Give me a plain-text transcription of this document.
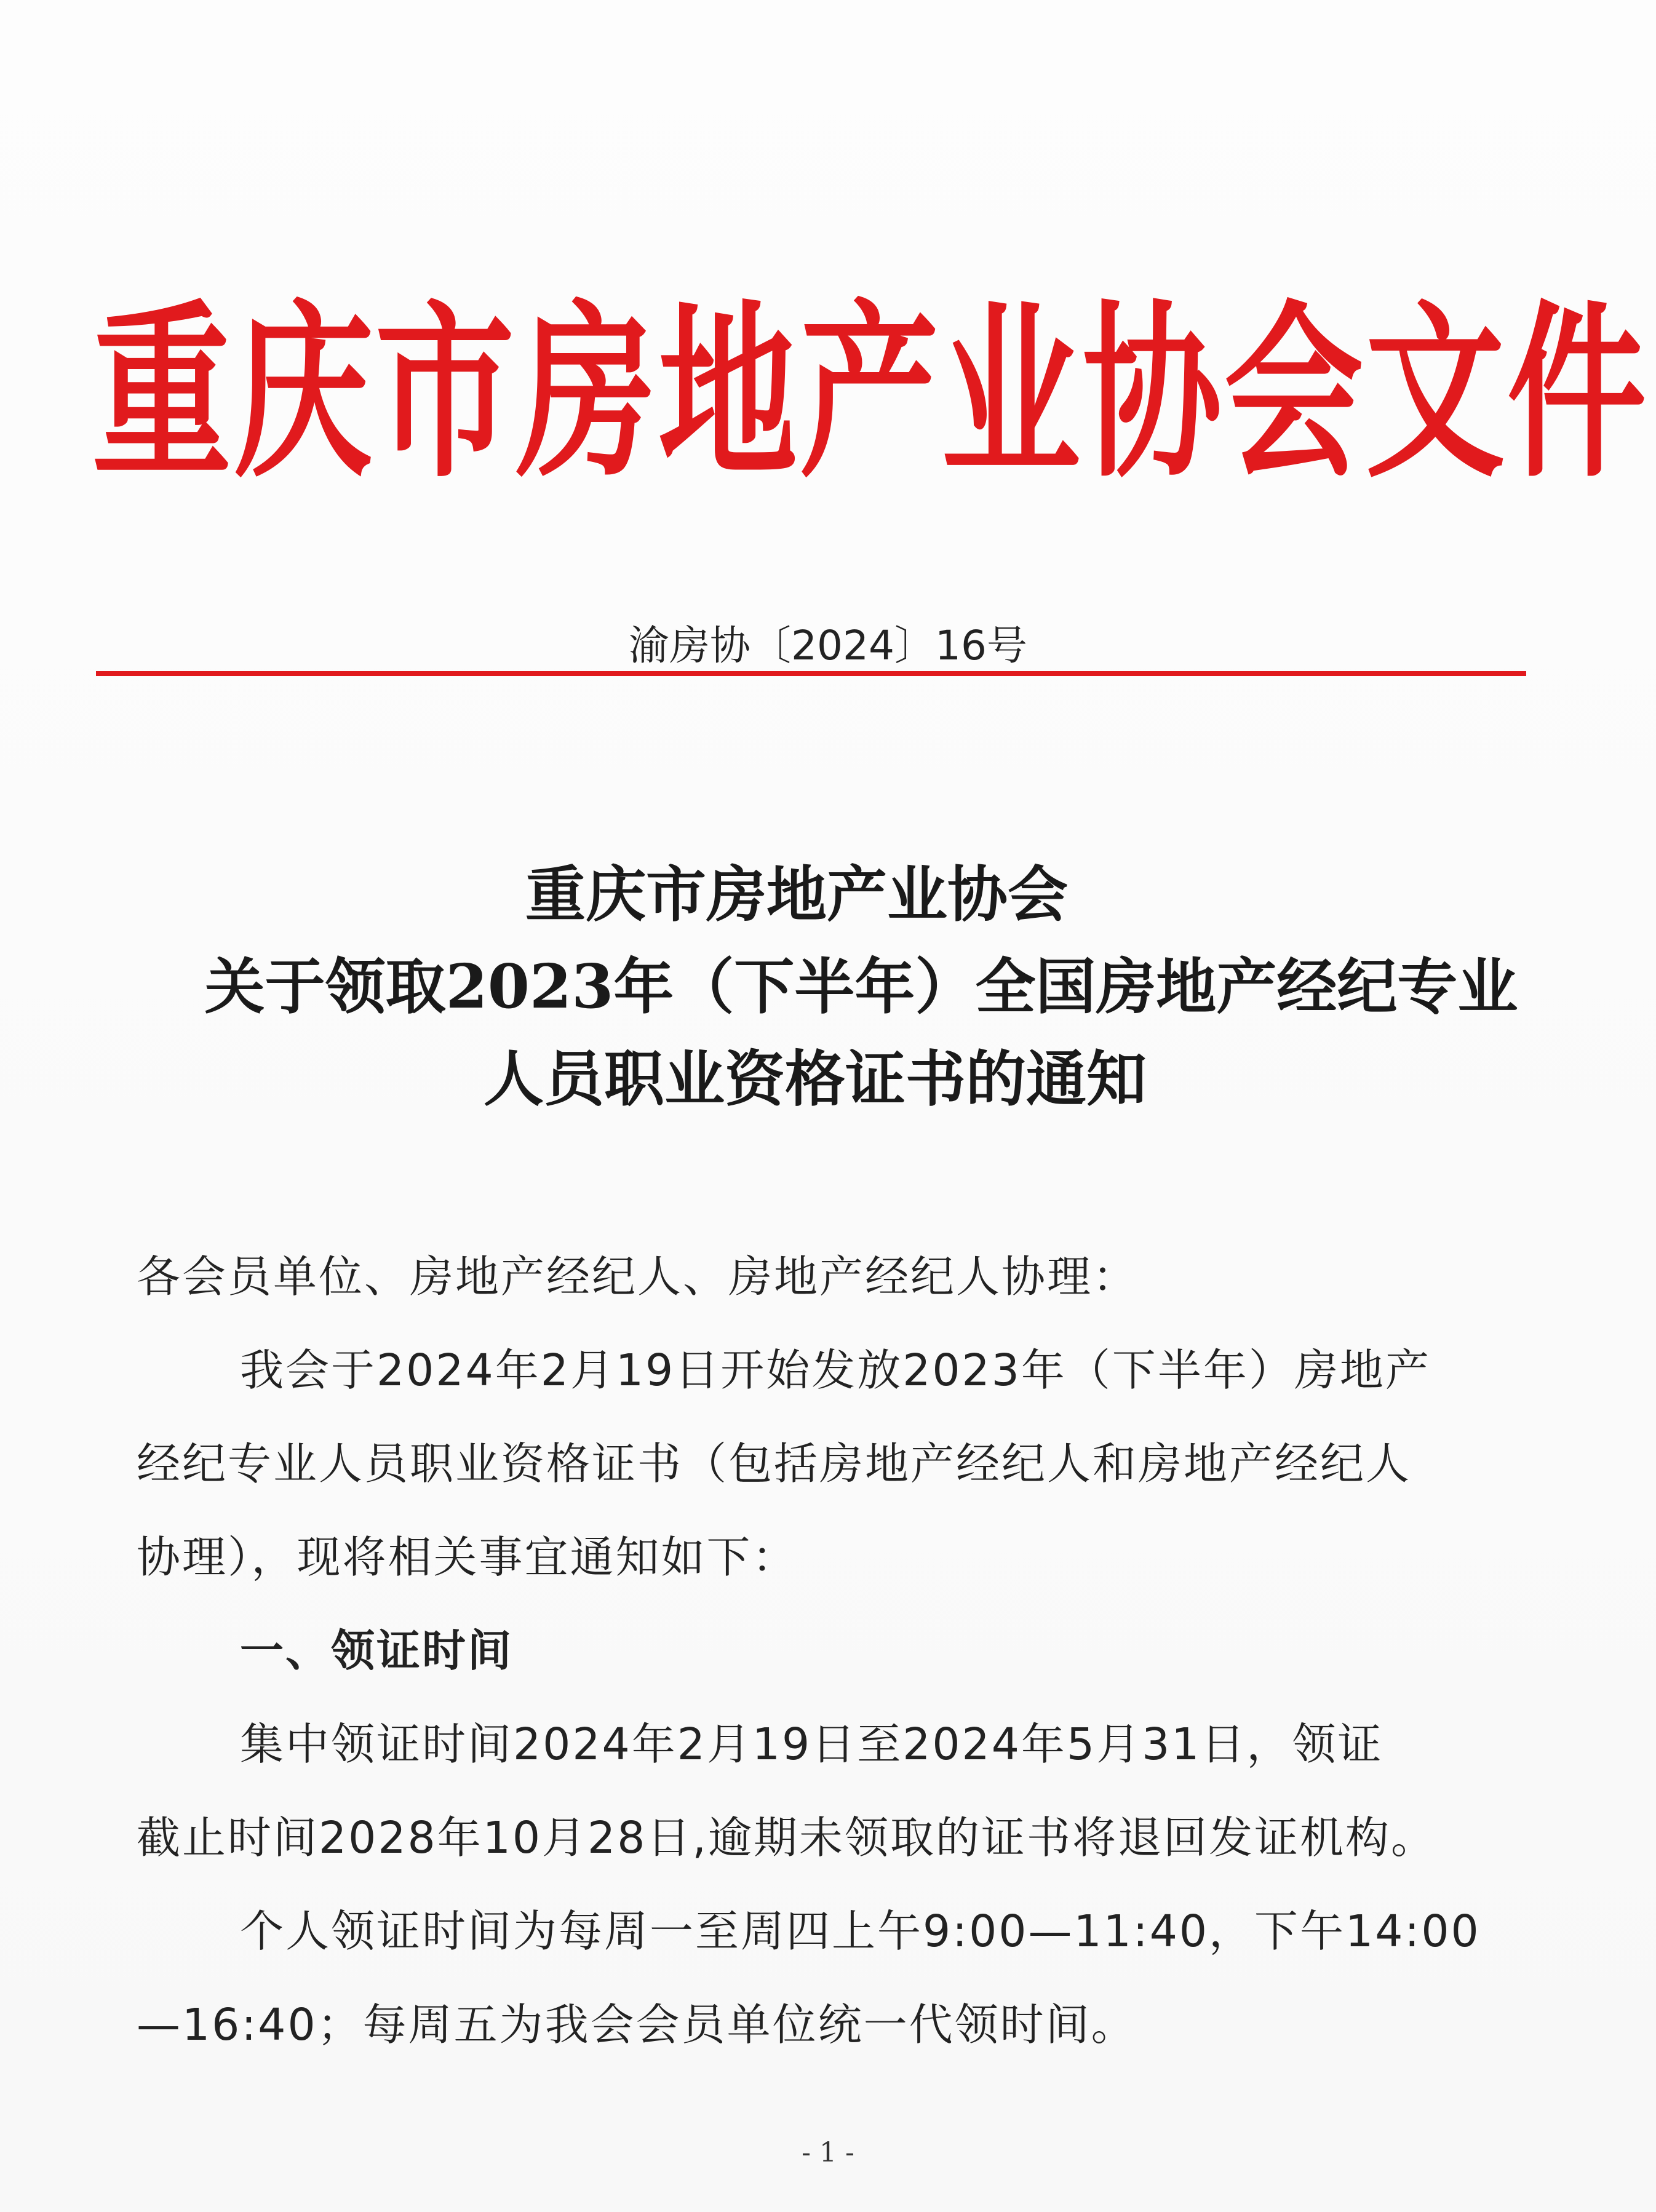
重庆市房地产业协会文件
渝房协〔2024〕16号
重庆市房地产业协会
关于领取2023年（下半年）全国房地产经纪专业
人员职业资格证书的通知

各会员单位、房地产经纪人、房地产经纪人协理：

我会于2024年2月19日开始发放2023年（下半年）房地产

经纪专业人员职业资格证书（包括房地产经纪人和房地产经纪人

协理），现将相关事宜通知如下：

一、领证时间

集中领证时间2024年2月19日至2024年5月31日，领证

截止时间2028年10月28日,逾期未领取的证书将退回发证机构。

个人领证时间为每周一至周四上午9:00—11:40，下午14:00

—16:40；每周五为我会会员单位统一代领时间。

- 1 -
